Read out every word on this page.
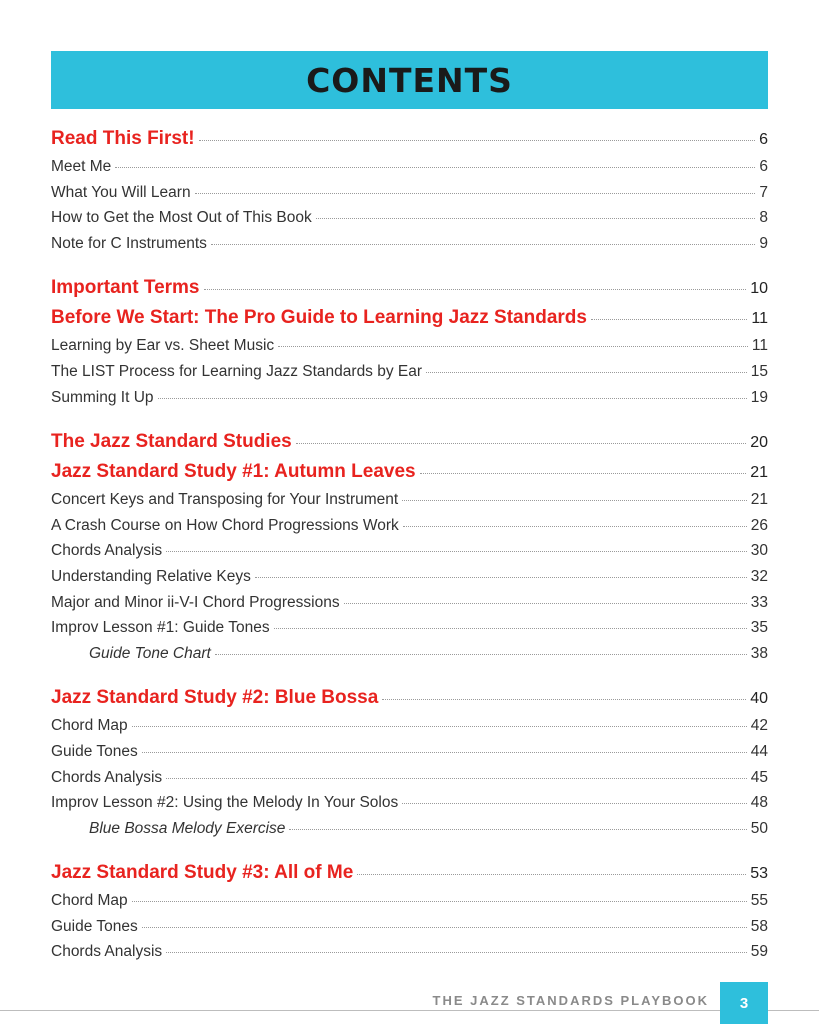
CONTENTS
Read This First!	6
Meet Me	6
What You Will Learn	7
How to Get the Most Out of This Book	8
Note for C Instruments	9
Important Terms	10
Before We Start: The Pro Guide to Learning Jazz Standards	11
Learning by Ear vs. Sheet Music	11
The LIST Process for Learning Jazz Standards by Ear	15
Summing It Up	19
The Jazz Standard Studies	20
Jazz Standard Study #1: Autumn Leaves	21
Concert Keys and Transposing for Your Instrument	21
A Crash Course on How Chord Progressions Work	26
Chords Analysis	30
Understanding Relative Keys	32
Major and Minor ii-V-I Chord Progressions	33
Improv Lesson #1: Guide Tones	35
Guide Tone Chart	38
Jazz Standard Study #2: Blue Bossa	40
Chord Map	42
Guide Tones	44
Chords Analysis	45
Improv Lesson #2: Using the Melody In Your Solos	48
Blue Bossa Melody Exercise	50
Jazz Standard Study #3: All of Me	53
Chord Map	55
Guide Tones	58
Chords Analysis	59
THE JAZZ STANDARDS PLAYBOOK 3
